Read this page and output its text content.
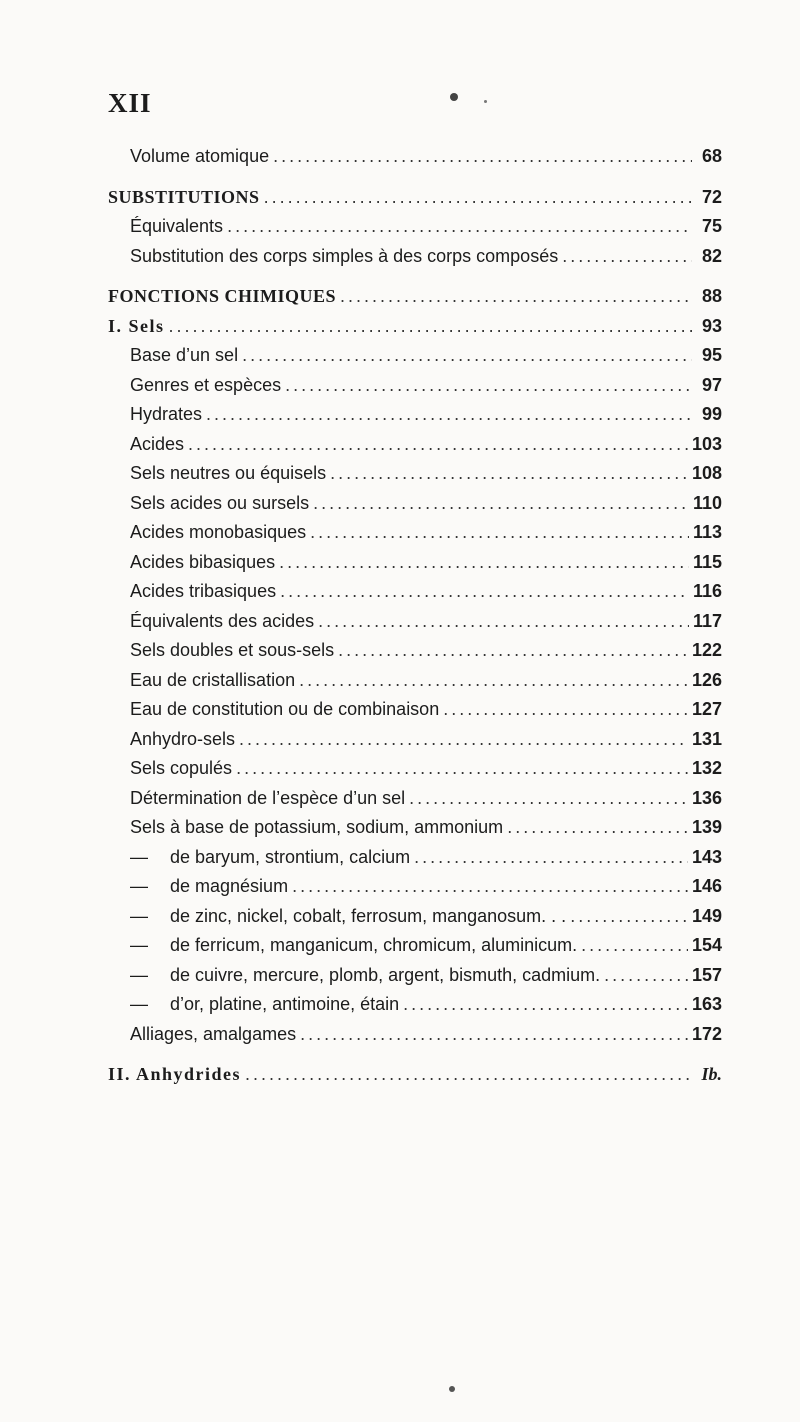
XII
Volume atomique . . .	68
SUBSTITUTIONS . . .	72
Équivalents . . .	75
Substitution des corps simples à des corps composés . . .	82
FONCTIONS CHIMIQUES . . .	88
I. Sels . . .	93
Base d’un sel . . .	95
Genres et espèces . . .	97
Hydrates . . .	99
Acides . . .	103
Sels neutres ou équisels . . .	108
Sels acides ou sursels . . .	110
Acides monobasiques . . .	113
Acides bibasiques . . .	115
Acides tribasiques . . .	116
Équivalents des acides . . .	117
Sels doubles et sous-sels . . .	122
Eau de cristallisation . . .	126
Eau de constitution ou de combinaison . . .	127
Anhydro-sels . . .	131
Sels copulés . . .	132
Détermination de l’espèce d’un sel . . .	136
Sels à base de potassium, sodium, ammonium . . .	139
— de baryum, strontium, calcium . . .	143
— de magnésium . . .	146
— de zinc, nickel, cobalt, ferrosum, manganosum. . . . . .	149
— de ferricum, manganicum, chromicum, aluminicum. . . .	154
— de cuivre, mercure, plomb, argent, bismuth, cadmium. . . .	157
— d’or, platine, antimoine, étain . . .	163
Alliages, amalgames . . .	172
II. Anhydrides . . .	Ib.
